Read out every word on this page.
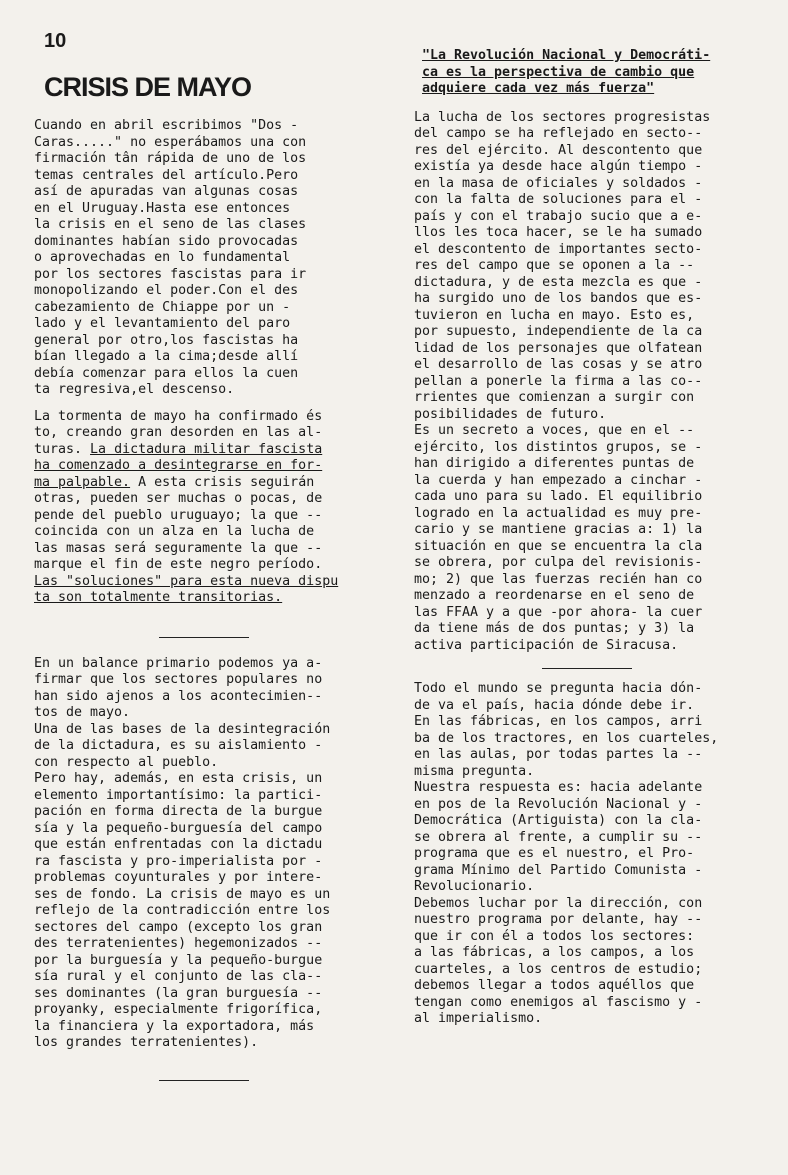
10
CRISIS DE MAYO

Cuando en abril escribimos "Dos -
Caras....." no esperábamos una con
firmación tân rápida de uno de los
temas centrales del artículo.Pero
así de apuradas van algunas cosas
en el Uruguay.Hasta ese entonces
la crisis en el seno de las clases
dominantes habían sido provocadas
o aprovechadas en lo fundamental
por los sectores fascistas para ir
monopolizando el poder.Con el des
cabezamiento de Chiappe por un -
lado y el levantamiento del paro
general por otro,los fascistas ha
bían llegado a la cima;desde allí
debía comenzar para ellos la cuen
ta regresiva,el descenso.

La tormenta de mayo ha confirmado és
to, creando gran desorden en las al-
turas. La dictadura militar fascista
ha comenzado a desintegrarse en for-
ma palpable. A esta crisis seguirán
otras, pueden ser muchas o pocas, de
pende del pueblo uruguayo; la que --
coincida con un alza en la lucha de
las masas será seguramente la que --
marque el fin de este negro período.

Las "soluciones" para esta nueva dispu
ta son totalmente transitorias.

En un balance primario podemos ya a-
firmar que los sectores populares no
han sido ajenos a los acontecimien--
tos de mayo.
Una de las bases de la desintegración
de la dictadura, es su aislamiento -
con respecto al pueblo.
Pero hay, además, en esta crisis, un
elemento importantísimo: la partici-
pación en forma directa de la burgue
sía y la pequeño-burguesía del campo
que están enfrentadas con la dictadu
ra fascista y pro-imperialista por -
problemas coyunturales y por intere-
ses de fondo. La crisis de mayo es un
reflejo de la contradicción entre los
sectores del campo (excepto los gran
des terratenientes) hegemonizados --
por la burguesía y la pequeño-burgue
sía rural y el conjunto de las cla--
ses dominantes (la gran burguesía --
proyanky, especialmente frigorífica,
la financiera y la exportadora, más
los grandes terratenientes).

"La Revolución Nacional y Democráti-
ca es la perspectiva de cambio que
adquiere cada vez más fuerza"

La lucha de los sectores progresistas
del campo se ha reflejado en secto--
res del ejército. Al descontento que
existía ya desde hace algún tiempo -
en la masa de oficiales y soldados -
con la falta de soluciones para el -
país y con el trabajo sucio que a e-
llos les toca hacer, se le ha sumado
el descontento de importantes secto-
res del campo que se oponen a la --
dictadura, y de esta mezcla es que -
ha surgido uno de los bandos que es-
tuvieron en lucha en mayo. Esto es,
por supuesto, independiente de la ca
lidad de los personajes que olfatean
el desarrollo de las cosas y se atro
pellan a ponerle la firma a las co--
rrientes que comienzan a surgir con
posibilidades de futuro.
Es un secreto a voces, que en el --
ejército, los distintos grupos, se -
han dirigido a diferentes puntas de
la cuerda y han empezado a cinchar -
cada uno para su lado. El equilibrio
logrado en la actualidad es muy pre-
cario y se mantiene gracias a: 1) la
situación en que se encuentra la cla
se obrera, por culpa del revisionis-
mo; 2) que las fuerzas recién han co
menzado a reordenarse en el seno de
las FFAA y a que -por ahora- la cuer
da tiene más de dos puntas; y 3) la
activa participación de Siracusa.

Todo el mundo se pregunta hacia dón-
de va el país, hacia dónde debe ir.
En las fábricas, en los campos, arri
ba de los tractores, en los cuarteles,
en las aulas, por todas partes la --
misma pregunta.
Nuestra respuesta es: hacia adelante
en pos de la Revolución Nacional y -
Democrática (Artiguista) con la cla-
se obrera al frente, a cumplir su --
programa que es el nuestro, el Pro-
grama Mínimo del Partido Comunista -
Revolucionario.
Debemos luchar por la dirección, con
nuestro programa por delante, hay --
que ir con él a todos los sectores:
a las fábricas, a los campos, a los
cuarteles, a los centros de estudio;
debemos llegar a todos aquéllos que
tengan como enemigos al fascismo y -
al imperialismo.
